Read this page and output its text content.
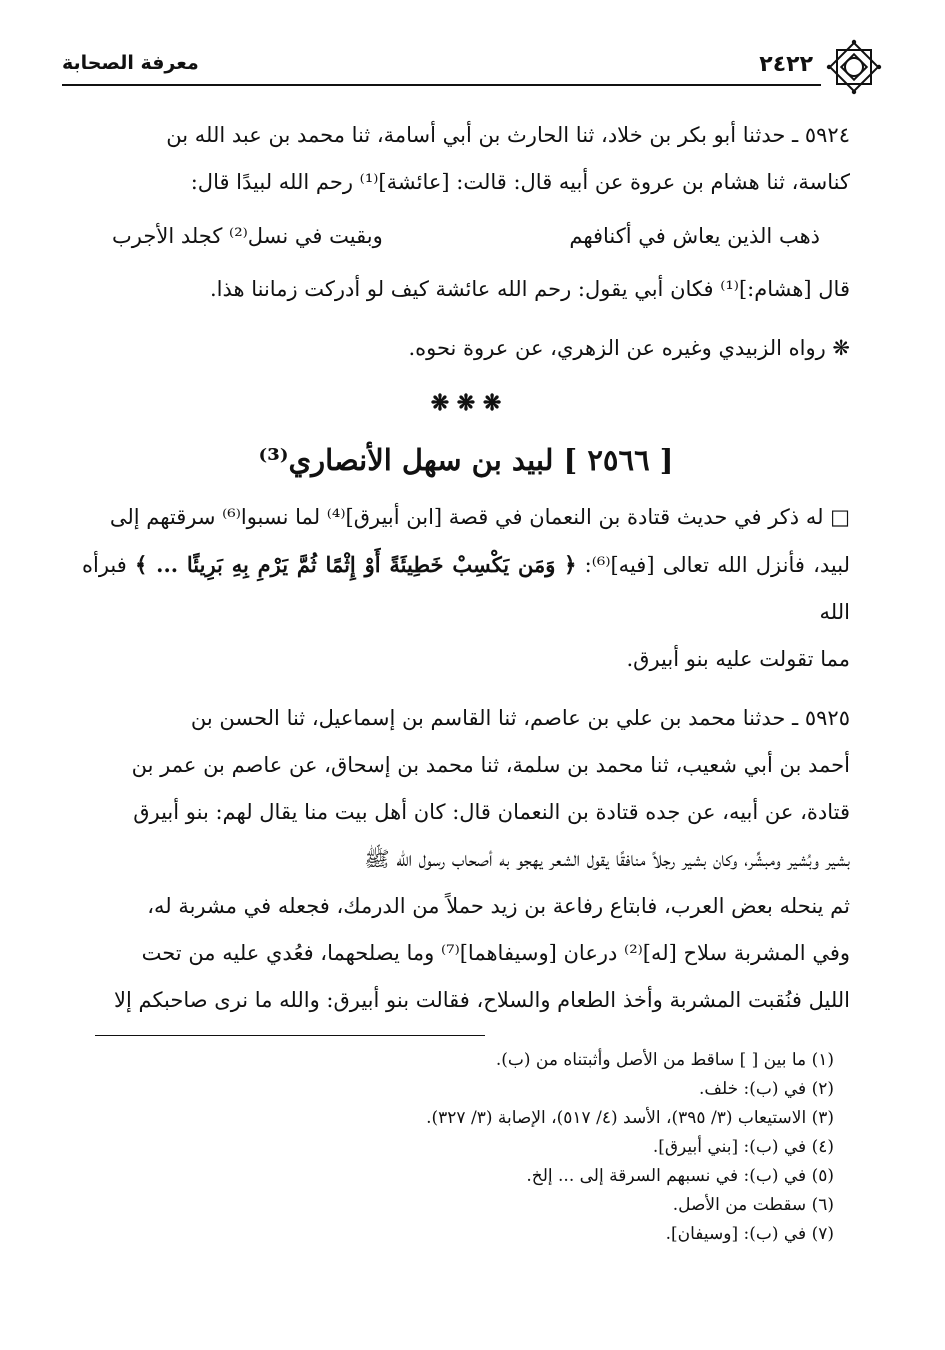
معرفة الصحابة	٢٤٢٢

٥٩٢٤ ـ حدثنا أبو بكر بن خلاد، ثنا الحارث بن أبي أسامة، ثنا محمد بن عبد الله بن

كناسة، ثنا هشام بن عروة عن أبيه قال: قالت: [عائشة]⁽¹⁾ رحم الله لبيدًا قال:

ذهب الذين يعاش في أكنافهم
وبقيت في نسل⁽²⁾ كجلد الأجرب

قال [هشام:]⁽¹⁾ فكان أبي يقول: رحم الله عائشة كيف لو أدركت زماننا هذا.

❋ رواه الزبيدي وغيره عن الزهري، عن عروة نحوه.

❋ ❋ ❋
[ ٢٥٦٦ ] لبيد بن سهل الأنصاري⁽³⁾

□ له ذكر في حديث قتادة بن النعمان في قصة [ابن أبيرق]⁽⁴⁾ لما نسبوا⁽⁶⁾ سرقتهم إلى

لبيد، فأنزل الله تعالى [فيه]⁽⁶⁾: ﴿ وَمَن يَكْسِبْ خَطِيئَةً أَوْ إِثْمًا ثُمَّ يَرْمِ بِهِ بَرِيئًا ... ﴾ فبرأه الله

مما تقولت عليه بنو أبيرق.

٥٩٢٥ ـ حدثنا محمد بن علي بن عاصم، ثنا القاسم بن إسماعيل، ثنا الحسن بن

أحمد بن أبي شعيب، ثنا محمد بن سلمة، ثنا محمد بن إسحاق، عن عاصم بن عمر بن

قتادة، عن أبيه، عن جده قتادة بن النعمان قال: كان أهل بيت منا يقال لهم: بنو أبيرق

بشير وبُشير ومبشِّر، وكان بشير رجلاً منافقًا يقول الشعر يهجو به أصحاب رسول الله ﷺ

ثم ينحله بعض العرب، فابتاع رفاعة بن زيد حملاً من الدرمك، فجعله في مشربة له،

وفي المشربة سلاح [له]⁽²⁾ درعان [وسيفاهما]⁽⁷⁾ وما يصلحهما، فعُدي عليه من تحت

الليل فنُقبت المشربة وأخذ الطعام والسلاح، فقالت بنو أبيرق: والله ما نرى صاحبكم إلا

(١) ما بين [ ] ساقط من الأصل وأثبتناه من (ب).

(٢) في (ب): خلف.

(٣) الاستيعاب (٣/ ٣٩٥)، الأسد (٤/ ٥١٧)، الإصابة (٣/ ٣٢٧).

(٤) في (ب): [بني أبيرق].

(٥) في (ب): في نسبهم السرقة إلى ... إلخ.

(٦) سقطت من الأصل.

(٧) في (ب): [وسيفان].
